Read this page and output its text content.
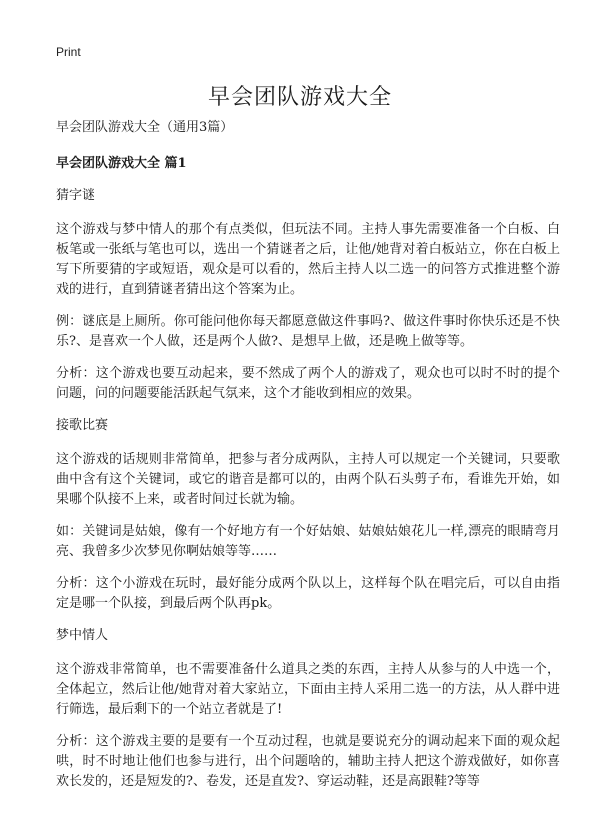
Print
早会团队游戏大全

早会团队游戏大全（通用3篇）

早会团队游戏大全 篇1

猜字谜

这个游戏与梦中情人的那个有点类似，但玩法不同。主持人事先需要准备一个白板、白板笔或一张纸与笔也可以，选出一个猜谜者之后，让他/她背对着白板站立，你在白板上写下所要猜的字或短语，观众是可以看的，然后主持人以二选一的问答方式推进整个游戏的进行，直到猜谜者猜出这个答案为止。

例：谜底是上厕所。你可能问他你每天都愿意做这件事吗?、做这件事时你快乐还是不快乐?、是喜欢一个人做，还是两个人做?、是想早上做，还是晚上做等等。

分析：这个游戏也要互动起来，要不然成了两个人的游戏了，观众也可以时不时的提个问题，问的问题要能活跃起气氛来，这个才能收到相应的效果。

接歌比赛

这个游戏的话规则非常简单，把参与者分成两队，主持人可以规定一个关键词，只要歌曲中含有这个关键词，或它的谐音是都可以的，由两个队石头剪子布，看谁先开始，如果哪个队接不上来，或者时间过长就为输。

如：关键词是姑娘，像有一个好地方有一个好姑娘、姑娘姑娘花儿一样,漂亮的眼睛弯月亮、我曾多少次梦见你啊姑娘等等……

分析：这个小游戏在玩时，最好能分成两个队以上，这样每个队在唱完后，可以自由指定是哪一个队接，到最后两个队再pk。

梦中情人

这个游戏非常简单，也不需要准备什么道具之类的东西，主持人从参与的人中选一个，全体起立，然后让他/她背对着大家站立，下面由主持人采用二选一的方法，从人群中进行筛选，最后剩下的一个站立者就是了!

分析：这个游戏主要的是要有一个互动过程，也就是要说充分的调动起来下面的观众起哄，时不时地让他们也参与进行，出个问题啥的，辅助主持人把这个游戏做好，如你喜欢长发的，还是短发的?、卷发，还是直发?、穿运动鞋，还是高跟鞋?等等
